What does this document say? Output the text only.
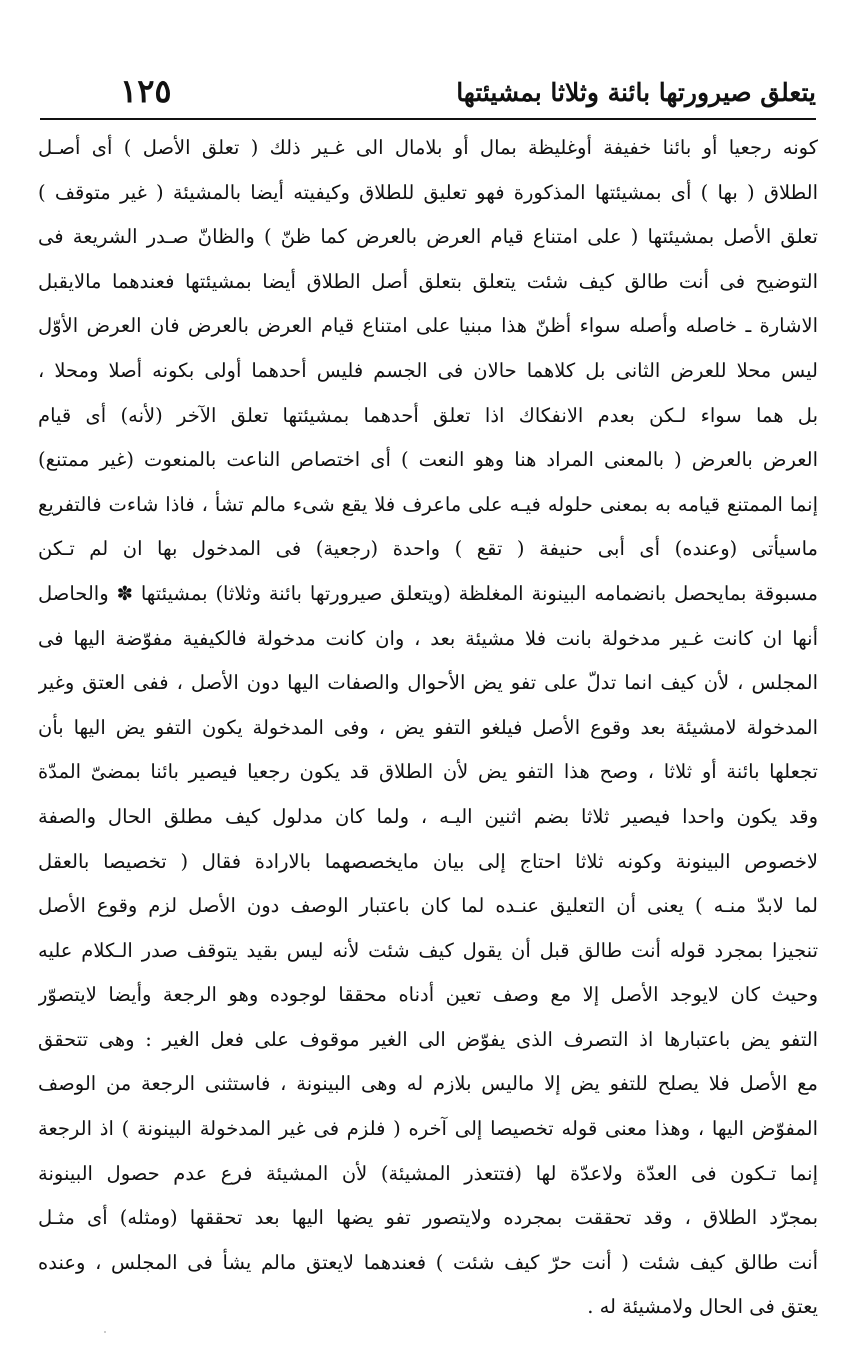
يتعلق صيرورتها بائنة وثلاثا بمشيئتها
١٢٥
كونه رجعيا أو بائنا خفيفة أوغليظة بمال أو بلامال الى غـير ذلك ( تعلق الأصل ) أى أصـل
الطلاق ( بها ) أى بمشيئتها المذكورة فهو تعليق للطلاق وكيفيته أيضا بالمشيئة ( غير متوقف )
تعلق الأصل بمشيئتها ( على امتناع قيام العرض بالعرض كما ظنّ ) والظانّ صـدر الشريعة فى
التوضيح فى أنت طالق كيف شئت يتعلق بتعلق أصل الطلاق أيضا بمشيئتها فعندهما مالايقبل
الاشارة ـ خاصله وأصله سواء أظنّ هذا مبنيا على امتناع قيام العرض بالعرض فان العرض الأوّل
ليس محلا للعرض الثانى بل كلاهما حالان فى الجسم فليس أحدهما أولى بكونه أصلا ومحلا ،
بل هما سواء لـكن بعدم الانفكاك اذا تعلق أحدهما بمشيئتها تعلق الآخر (لأنه) أى قيام
العرض بالعرض ( بالمعنى المراد هنا وهو النعت ) أى اختصاص الناعت بالمنعوت (غير ممتنع)
إنما الممتنع قيامه به بمعنى حلوله فيـه على ماعرف فلا يقع شىء مالم تشأ ، فاذا شاءت فالتفريع
ماسيأتى (وعنده) أى أبى حنيفة ( تقع ) واحدة (رجعية) فى المدخول بها ان لم تـكن
مسبوقة بمايحصل بانضمامه البينونة المغلظة (ويتعلق صيرورتها بائنة وثلاثا) بمشيئتها ✽ والحاصل
أنها ان كانت غـير مدخولة بانت فلا مشيئة بعد ، وان كانت مدخولة فالكيفية مفوّضة اليها فى
المجلس ، لأن كيف انما تدلّ على تفو يض الأحوال والصفات اليها دون الأصل ، ففى العتق وغير
المدخولة لامشيئة بعد وقوع الأصل فيلغو التفو يض ، وفى المدخولة يكون التفو يض اليها بأن
تجعلها بائنة أو ثلاثا ، وصح هذا التفو يض لأن الطلاق قد يكون رجعيا فيصير بائنا بمضىّ المدّة
وقد يكون واحدا فيصير ثلاثا بضم اثنين اليـه ، ولما كان مدلول كيف مطلق الحال والصفة
لاخصوص البينونة وكونه ثلاثا احتاج إلى بيان مايخصصهما بالارادة فقال ( تخصيصا بالعقل
لما لابدّ منـه ) يعنى أن التعليق عنـده لما كان باعتبار الوصف دون الأصل لزم وقوع الأصل
تنجيزا بمجرد قوله أنت طالق قبل أن يقول كيف شئت لأنه ليس بقيد يتوقف صدر الـكلام عليه
وحيث كان لايوجد الأصل إلا مع وصف تعين أدناه محققا لوجوده وهو الرجعة وأيضا لايتصوّر
التفو يض باعتبارها اذ التصرف الذى يفوّض الى الغير موقوف على فعل الغير : وهى تتحقق
مع الأصل فلا يصلح للتفو يض إلا ماليس بلازم له وهى البينونة ، فاستثنى الرجعة من الوصف
المفوّض اليها ، وهذا معنى قوله تخصيصا إلى آخره ( فلزم فى غير المدخولة البينونة ) اذ الرجعة
إنما تـكون فى العدّة ولاعدّة لها (فتتعذر المشيئة) لأن المشيئة فرع عدم حصول البينونة
بمجرّد الطلاق ، وقد تحققت بمجرده ولايتصور تفو يضها اليها بعد تحققها (ومثله) أى مثـل
أنت طالق كيف شئت ( أنت حرّ كيف شئت ) فعندهما لايعتق مالم يشأ فى المجلس ، وعنده
يعتق فى الحال ولامشيئة له .
